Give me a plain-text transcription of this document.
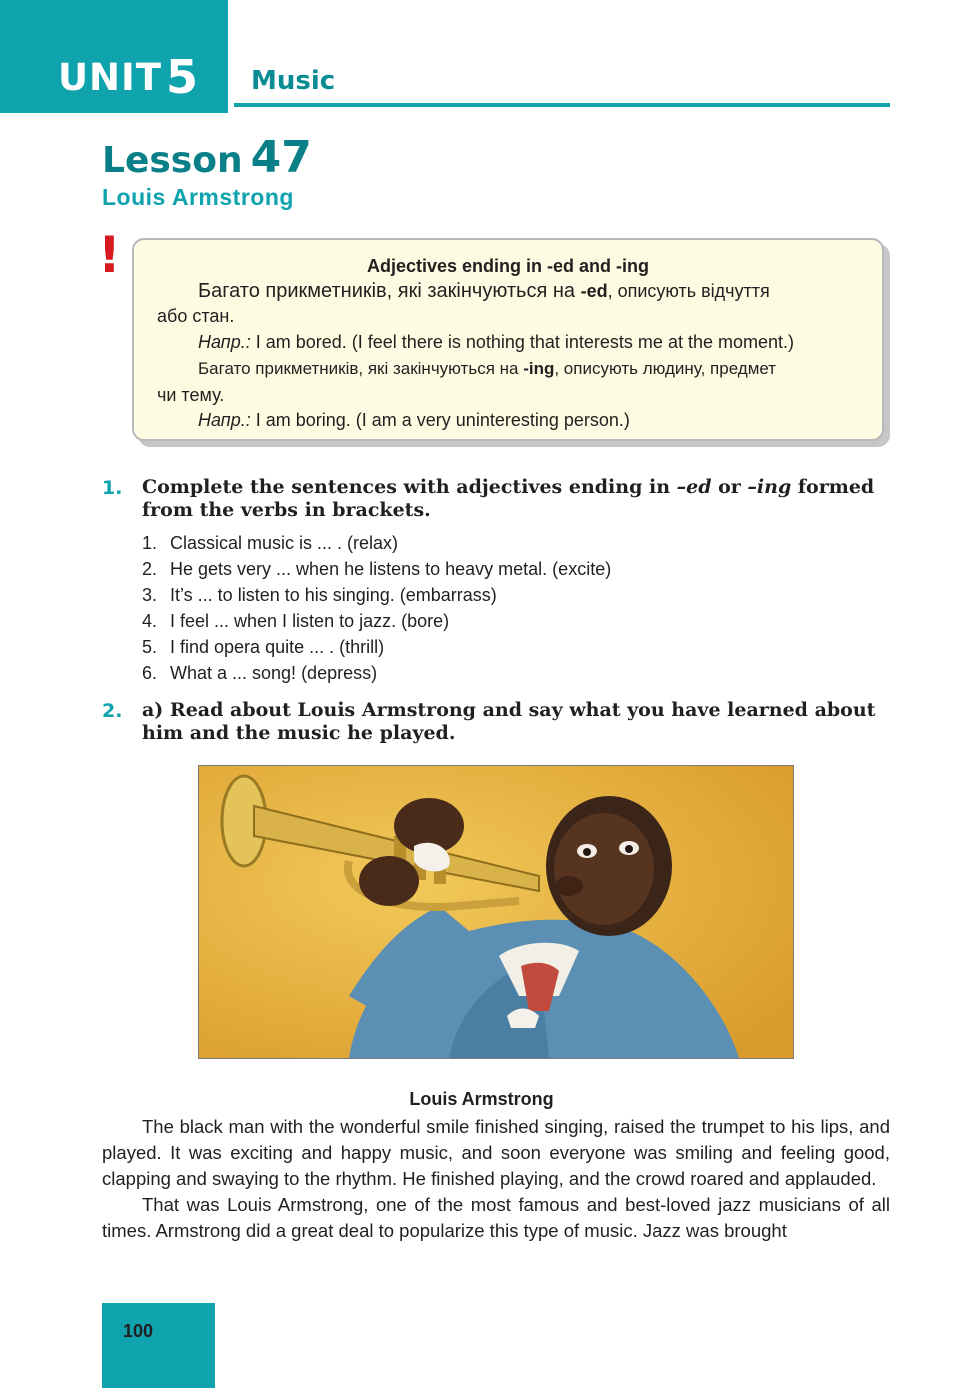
UNIT 5 Music
Lesson 47
Louis Armstrong
!	Adjectives ending in -ed and -ing
Багато прикметників, які закінчуються на -ed, описують відчуття
або стан.
Напр.: I am bored. (I feel there is nothing that interests me at the moment.)
Багато прикметників, які закінчуються на -ing, описують людину, предмет
чи тему.
Напр.: I am boring. (I am a very uninteresting person.)
1. Complete the sentences with adjectives ending in –ed or –ing formed from the verbs in brackets.
1. Classical music is ... . (relax)
2. He gets very ... when he listens to heavy metal. (excite)
3. It’s ... to listen to his singing. (embarrass)
4. I feel ... when I listen to jazz. (bore)
5. I find opera quite ... . (thrill)
6. What a ... song! (depress)
2. a) Read about Louis Armstrong and say what you have learned about him and the music he played.
Louis Armstrong

The black man with the wonderful smile finished singing, raised the trumpet to his lips, and played. It was exciting and happy music, and soon everyone was smiling and feeling good, clapping and swaying to the rhythm. He finished playing, and the crowd roared and applauded.

That was Louis Armstrong, one of the most famous and best-loved jazz musicians of all times. Armstrong did a great deal to popularize this type of music. Jazz was brought

100
